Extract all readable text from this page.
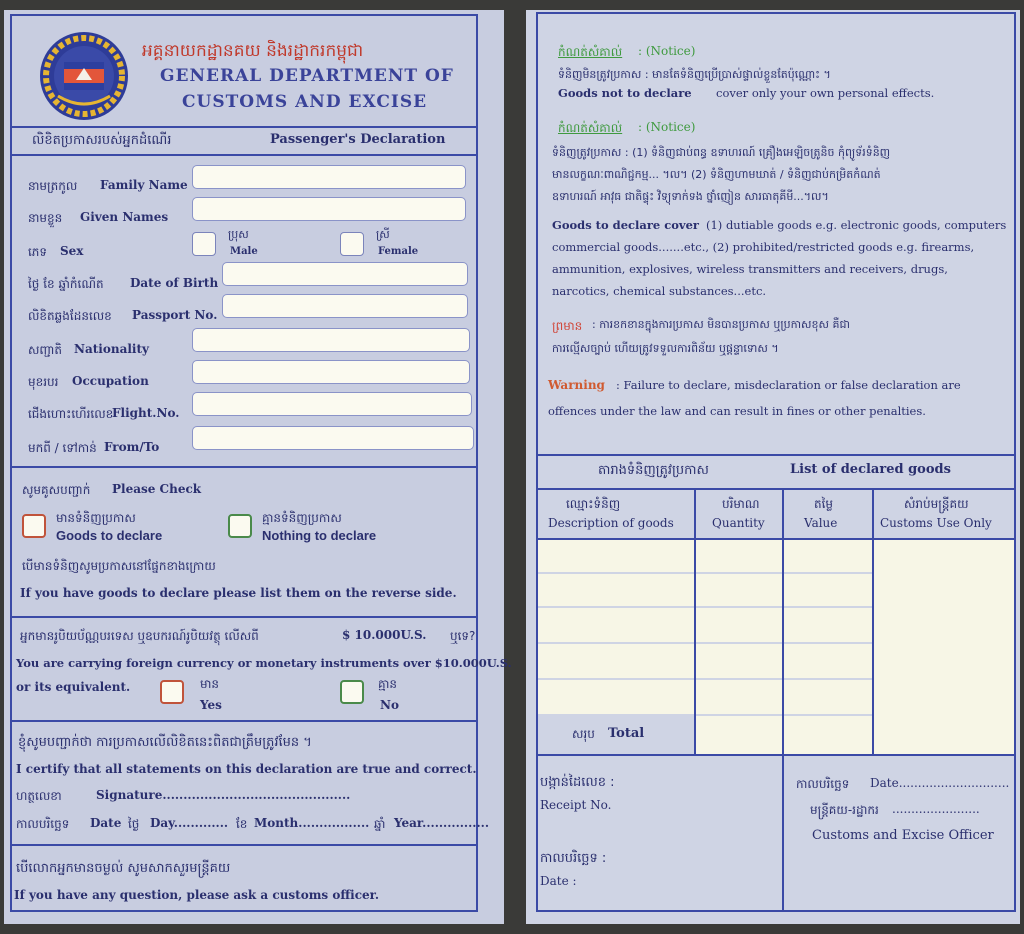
អគ្គនាយកដ្ឋានគយ និងរដ្ឋាករកម្ពុជា
GENERAL DEPARTMENT OF
CUSTOMS AND EXCISE
លិខិតប្រកាសរបស់អ្នកដំណើរ	Passenger's Declaration
នាមត្រកូល Family Name
នាមខ្លួន Given Names
ភេទ Sex
ប្រុស
Male
ស្រី
Female
ថ្ងៃ ខែ ឆ្នាំកំណើត Date of Birth
លិខិតឆ្លងដែនលេខ Passport No.
សញ្ជាតិ Nationality
មុខរបរ Occupation
ជើងហោះហើរលេខ
Flight.No.
មកពី / ទៅកាន់ From/To
សូមគូសបញ្ជាក់ Please Check
មានទំនិញប្រកាស
Goods to declare
គ្មានទំនិញប្រកាស
Nothing to declare
បើមានទំនិញសូមប្រកាសនៅផ្នែកខាងក្រោយ
If you have goods to declare please list them on the reverse side.
អ្នកមានរូបិយប័ណ្ណបរទេស ឬឧបករណ៍រូបិយវត្ថុ លើសពី	$ 10.000U.S. ឬទេ?
You are carrying foreign currency or monetary instruments over $10.000U.S.
or its equivalent.	មាន
Yes
គ្មាន
No
ខ្ញុំសូមបញ្ជាក់ថា ការប្រកាសលើលិខិតនេះពិតជាត្រឹមត្រូវមែន ។
I certify that all statements on this declaration are true and correct.
ហត្ថលេខា	Signature.............................................
កាលបរិច្ឆេទ Date ថ្ងៃ Day............. ខែ Month................. ឆ្នាំ Year................
បើលោកអ្នកមានចម្ងល់ សូមសាកសួរមន្ត្រីគយ
If you have any question, please ask a customs officer.
កំណត់សំគាល់ : (Notice)
ទំនិញមិនត្រូវប្រកាស : មានតែទំនិញប្រើប្រាស់ផ្ទាល់ខ្លួនតែប៉ុណ្ណោះ ។
Goods not to declare cover only your own personal effects.
កំណត់សំគាល់ : (Notice)
ទំនិញត្រូវប្រកាស : (1) ទំនិញជាប់ពន្ធ ឧទាហរណ៍ គ្រឿងអេឡិចត្រូនិច កុំព្យូទ័រទំនិញ
មានលក្ខណៈពាណិជ្ជកម្ម... ។ល។ (2) ទំនិញហាមឃាត់ / ទំនិញជាប់កម្រិតកំណត់
ឧទាហរណ៍ អាវុធ ជាតិផ្ទុះ វិទ្យុទាក់ទង ថ្នាំញៀន សារធាតុគីមី...។ល។
Goods to declare cover (1) dutiable goods e.g. electronic goods, computers
commercial goods.......etc., (2) prohibited/restricted goods e.g. firearms,
ammunition, explosives, wireless transmitters and receivers, drugs,
narcotics, chemical substances...etc.
ព្រមាន : ការខកខានក្នុងការប្រកាស មិនបានប្រកាស ឬប្រកាសខុស គឺជា
ការល្មើសច្បាប់ ហើយត្រូវទទួលការពិន័យ ឬផ្តន្ទាទោស ។
Warning : Failure to declare, misdeclaration or false declaration are
offences under the law and can result in fines or other penalties.
តារាងទំនិញត្រូវប្រកាស	List of declared goods
ឈ្មោះទំនិញ
Description of goods
បរិមាណ
Quantity
តម្លៃ
Value
សំរាប់មន្ត្រីគយ
Customs Use Only
សរុប Total
បង្កាន់ដៃលេខ :
Receipt No.
កាលបរិច្ឆេទ :
Date :
កាលបរិច្ឆេទ Date.............................
មន្ត្រីគយ-រដ្ឋាករ .......................
Customs and Excise Officer
